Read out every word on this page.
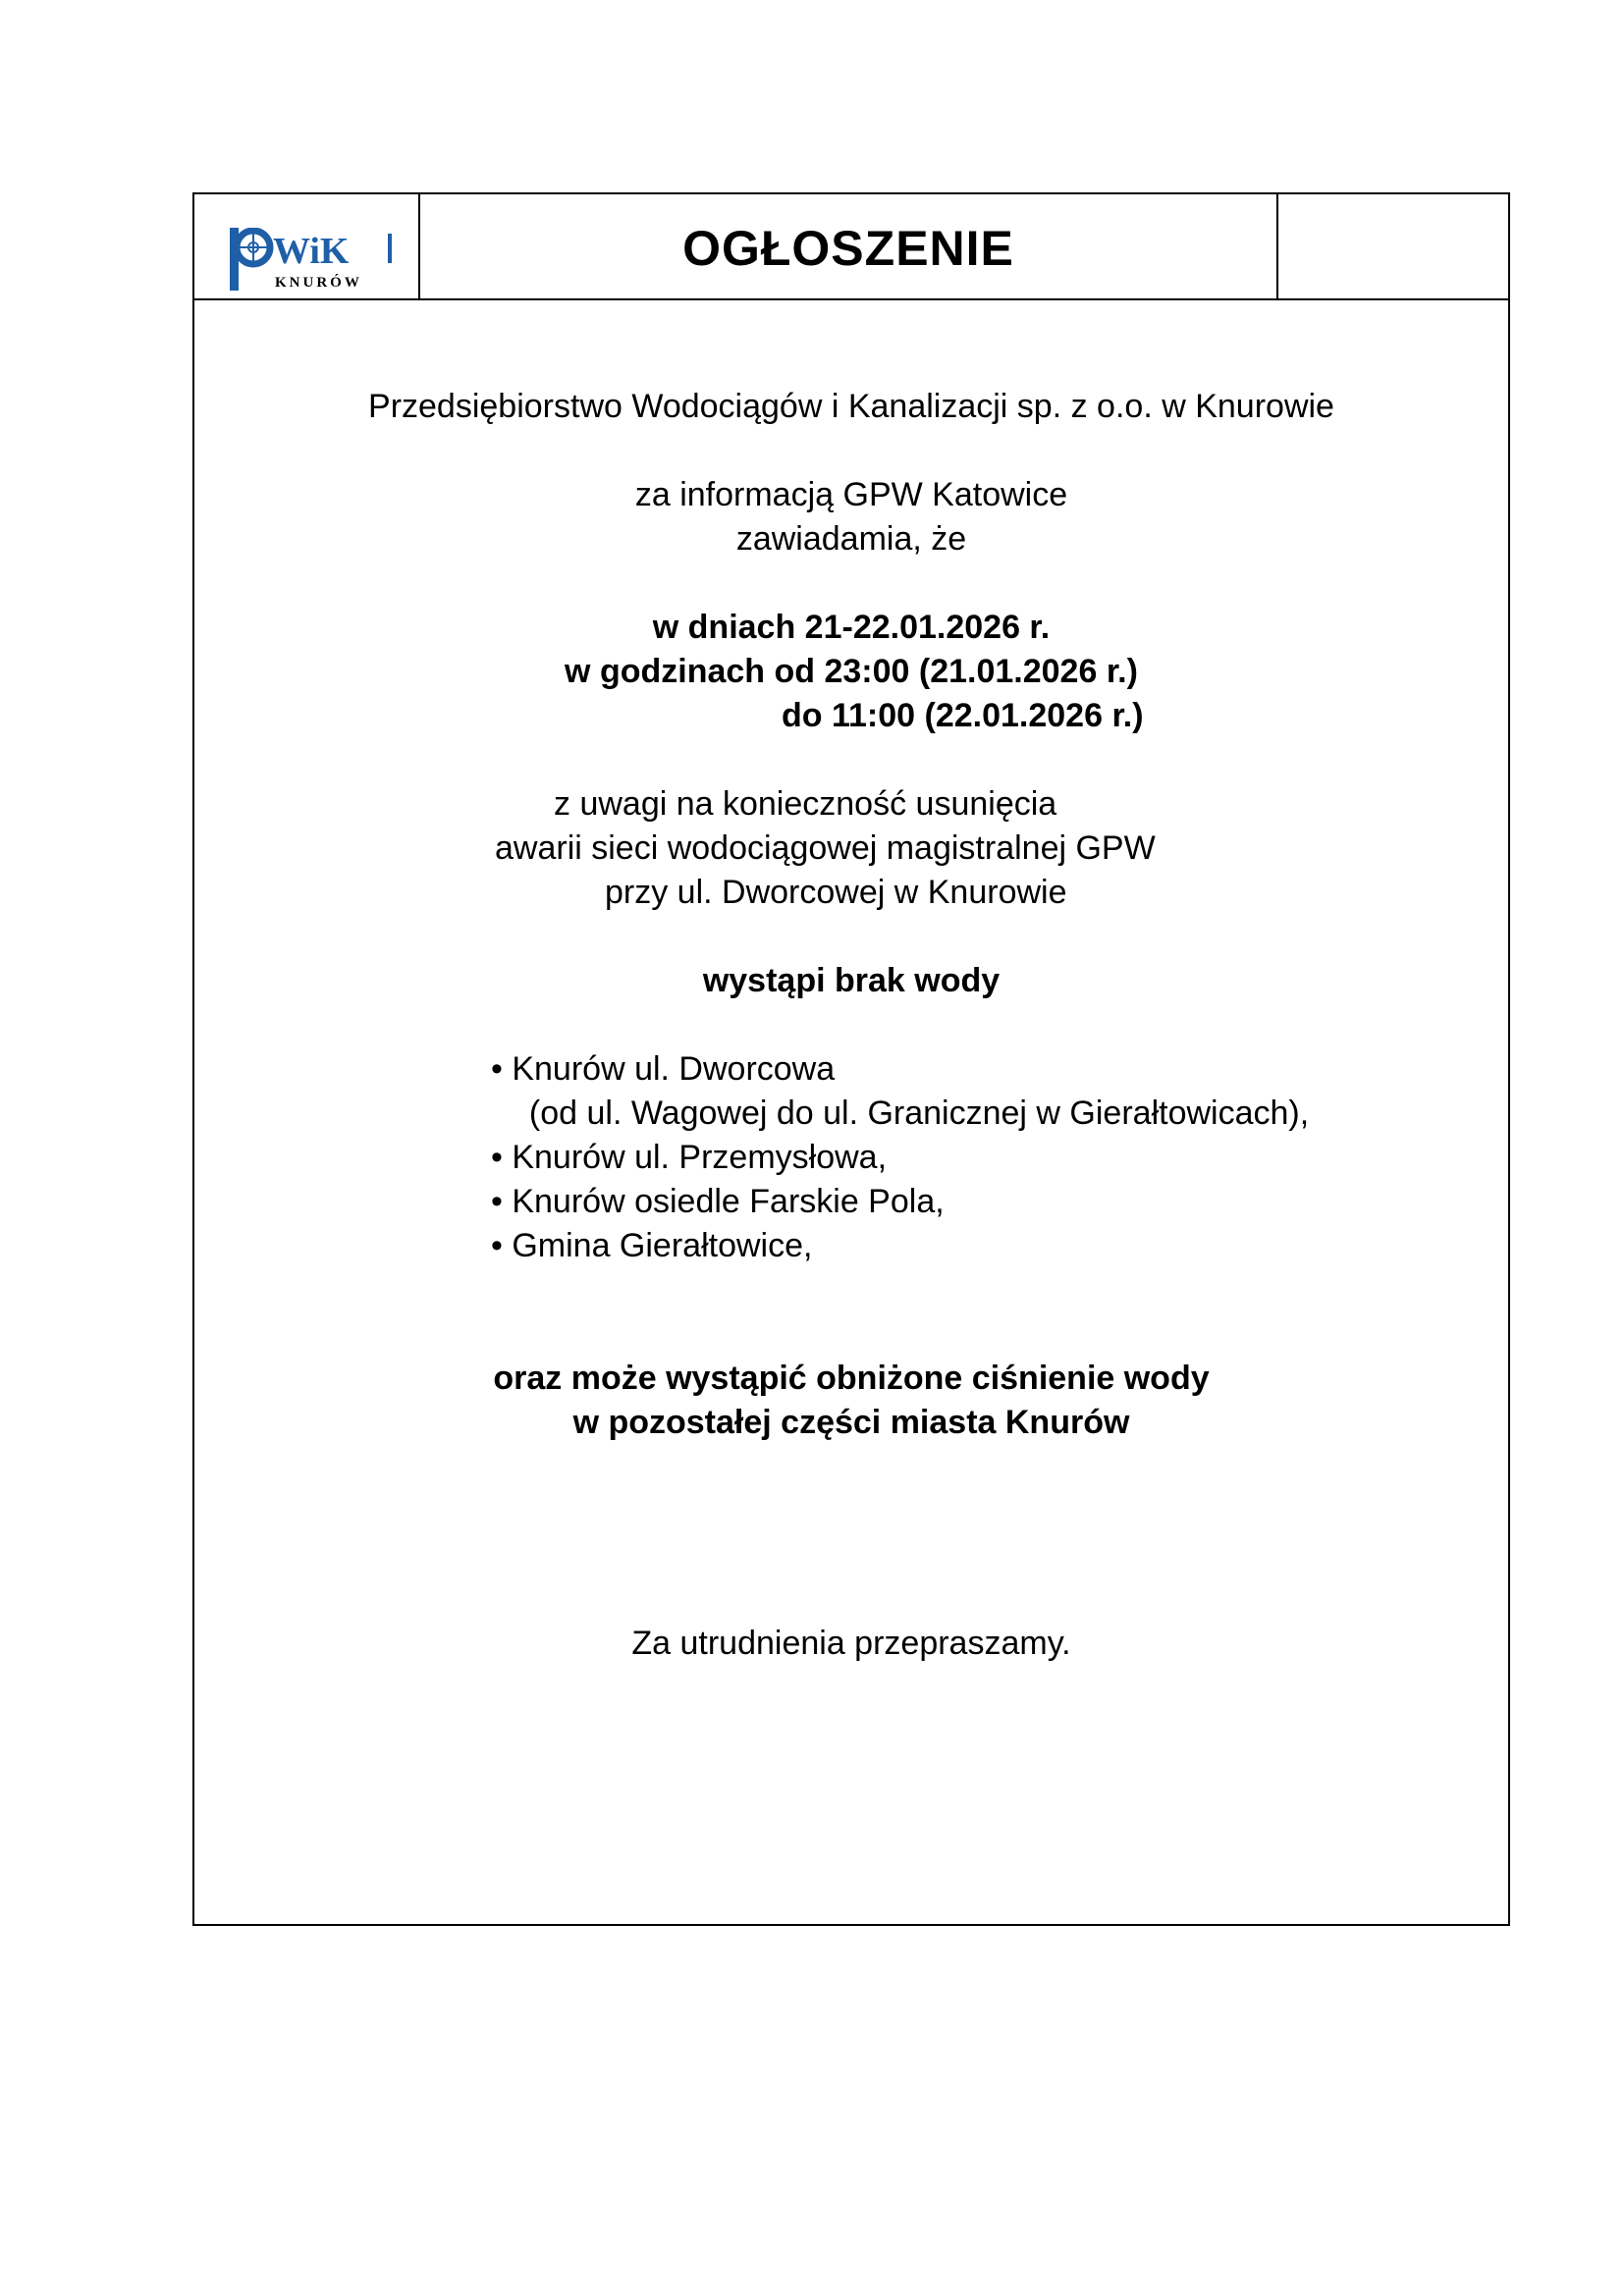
WiK
KNURÓW
OGŁOSZENIE
Przedsiębiorstwo Wodociągów i Kanalizacji sp. z o.o. w Knurowie
za informacją GPW Katowice
zawiadamia, że
w dniach 21-22.01.2026 r.
w godzinach od 23:00 (21.01.2026 r.)
do 11:00 (22.01.2026 r.)
z uwagi na konieczność usunięcia
awarii sieci wodociągowej magistralnej GPW
przy ul. Dworcowej w Knurowie
wystąpi brak wody
• Knurów ul. Dworcowa
(od ul. Wagowej do ul. Granicznej w Gierałtowicach),
• Knurów ul. Przemysłowa,
• Knurów osiedle Farskie Pola,
• Gmina Gierałtowice,
oraz może wystąpić obniżone ciśnienie wody
w pozostałej części miasta Knurów
Za utrudnienia przepraszamy.
